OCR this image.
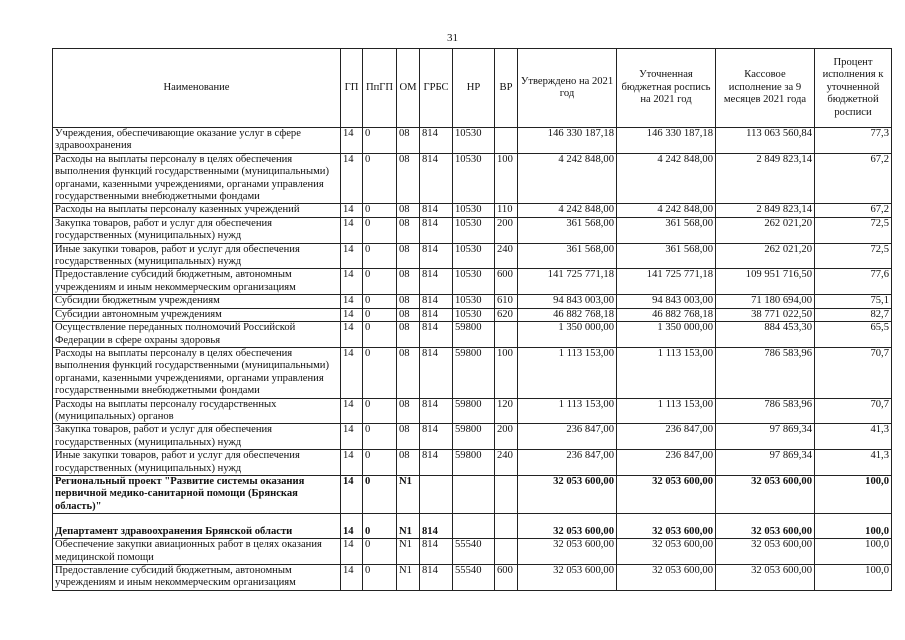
31
Наименование	ГП	ПпГП	ОМ	ГРБС	НР	ВР	Утверждено на 2021 год	Уточненная бюджетная роспись на 2021 год	Кассовое исполнение за 9 месяцев 2021 года	Процент исполнения к уточненной бюджетной росписи
Учреждения, обеспечивающие оказание услуг в сфере здравоохранения	14	0	08	814	10530		146 330 187,18	146 330 187,18	113 063 560,84	77,3
Расходы на выплаты персоналу в целях обеспечения выполнения функций государственными (муниципальными) органами, казенными учреждениями, органами управления государственными внебюджетными фондами	14	0	08	814	10530	100	4 242 848,00	4 242 848,00	2 849 823,14	67,2
Расходы на выплаты персоналу казенных учреждений	14	0	08	814	10530	110	4 242 848,00	4 242 848,00	2 849 823,14	67,2
Закупка товаров, работ и услуг для обеспечения государственных (муниципальных) нужд	14	0	08	814	10530	200	361 568,00	361 568,00	262 021,20	72,5
Иные закупки товаров, работ и услуг для обеспечения государственных (муниципальных) нужд	14	0	08	814	10530	240	361 568,00	361 568,00	262 021,20	72,5
Предоставление субсидий бюджетным, автономным учреждениям и иным некоммерческим организациям	14	0	08	814	10530	600	141 725 771,18	141 725 771,18	109 951 716,50	77,6
Субсидии бюджетным учреждениям	14	0	08	814	10530	610	94 843 003,00	94 843 003,00	71 180 694,00	75,1
Субсидии автономным учреждениям	14	0	08	814	10530	620	46 882 768,18	46 882 768,18	38 771 022,50	82,7
Осуществление переданных полномочий Российской Федерации в сфере охраны здоровья	14	0	08	814	59800		1 350 000,00	1 350 000,00	884 453,30	65,5
Расходы на выплаты персоналу в целях обеспечения выполнения функций государственными (муниципальными) органами, казенными учреждениями, органами управления государственными внебюджетными фондами	14	0	08	814	59800	100	1 113 153,00	1 113 153,00	786 583,96	70,7
Расходы на выплаты персоналу государственных (муниципальных) органов	14	0	08	814	59800	120	1 113 153,00	1 113 153,00	786 583,96	70,7
Закупка товаров, работ и услуг для обеспечения государственных (муниципальных) нужд	14	0	08	814	59800	200	236 847,00	236 847,00	97 869,34	41,3
Иные закупки товаров, работ и услуг для обеспечения государственных (муниципальных) нужд	14	0	08	814	59800	240	236 847,00	236 847,00	97 869,34	41,3
Региональный проект "Развитие системы оказания первичной медико-санитарной помощи (Брянская область)"	14	0	N1				32 053 600,00	32 053 600,00	32 053 600,00	100,0
Департамент здравоохранения Брянской области	14	0	N1	814			32 053 600,00	32 053 600,00	32 053 600,00	100,0
Обеспечение закупки авиационных работ в целях оказания медицинской помощи	14	0	N1	814	55540		32 053 600,00	32 053 600,00	32 053 600,00	100,0
Предоставление субсидий бюджетным, автономным учреждениям и иным некоммерческим организациям	14	0	N1	814	55540	600	32 053 600,00	32 053 600,00	32 053 600,00	100,0
